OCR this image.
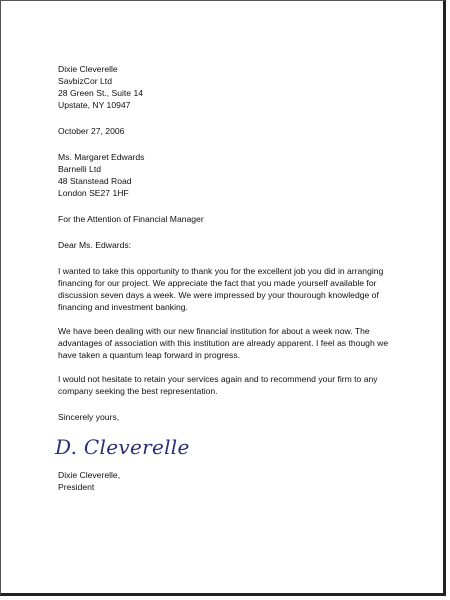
Dixie Cleverelle
SavbizCor Ltd
28 Green St., Suite 14
Upstate, NY 10947
October 27, 2006
Ms. Margaret Edwards
Barnelli Ltd
48 Stanstead Road
London SE27 1HF
For the Attention of Financial Manager
Dear Ms. Edwards:

I wanted to take this opportunity to thank you for the excellent job you did in arranging financing for our project. We appreciate the fact that you made yourself available for discussion seven days a week. We were impressed by your thourough knowledge of financing and investment banking.

We have been dealing with our new financial institution for about a week now. The advantages of association with this institution are already apparent. I feel as though we have taken a quantum leap forward in progress.

I would not hesitate to retain your services again and to recommend your firm to any company seeking the best representation.

Sincerely yours,
D. Cleverelle
Dixie Cleverelle,
President
